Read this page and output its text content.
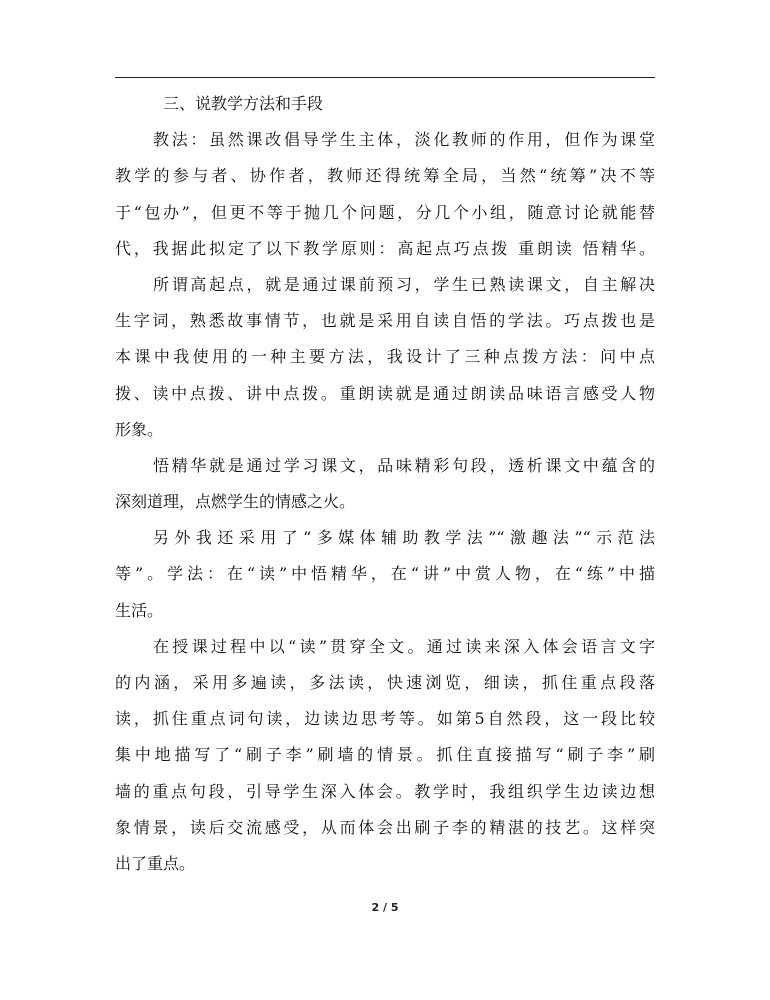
三、说教学方法和手段
教法：虽然课改倡导学生主体，淡化教师的作用，但作为课堂
教学的参与者、协作者，教师还得统筹全局，当然“统筹”决不等
于“包办”，但更不等于抛几个问题，分几个小组，随意讨论就能替
代，我据此拟定了以下教学原则：高起点巧点拨 重朗读 悟精华。
所谓高起点，就是通过课前预习，学生已熟读课文，自主解决
生字词，熟悉故事情节，也就是采用自读自悟的学法。巧点拨也是
本课中我使用的一种主要方法，我设计了三种点拨方法：问中点
拨、读中点拨、讲中点拨。重朗读就是通过朗读品味语言感受人物
形象。
悟精华就是通过学习课文，品味精彩句段，透析课文中蕴含的
深刻道理，点燃学生的情感之火。
另外我还采用了“多媒体辅助教学法”“激趣法”“示范法
等”。学法：在“读”中悟精华，在“讲”中赏人物，在“练”中描
生活。
在授课过程中以“读”贯穿全文。通过读来深入体会语言文字
的内涵，采用多遍读，多法读，快速浏览，细读，抓住重点段落
读，抓住重点词句读，边读边思考等。如第5自然段，这一段比较
集中地描写了“刷子李”刷墙的情景。抓住直接描写“刷子李”刷
墙的重点句段，引导学生深入体会。教学时，我组织学生边读边想
象情景，读后交流感受，从而体会出刷子李的精湛的技艺。这样突
出了重点。
2 / 5
